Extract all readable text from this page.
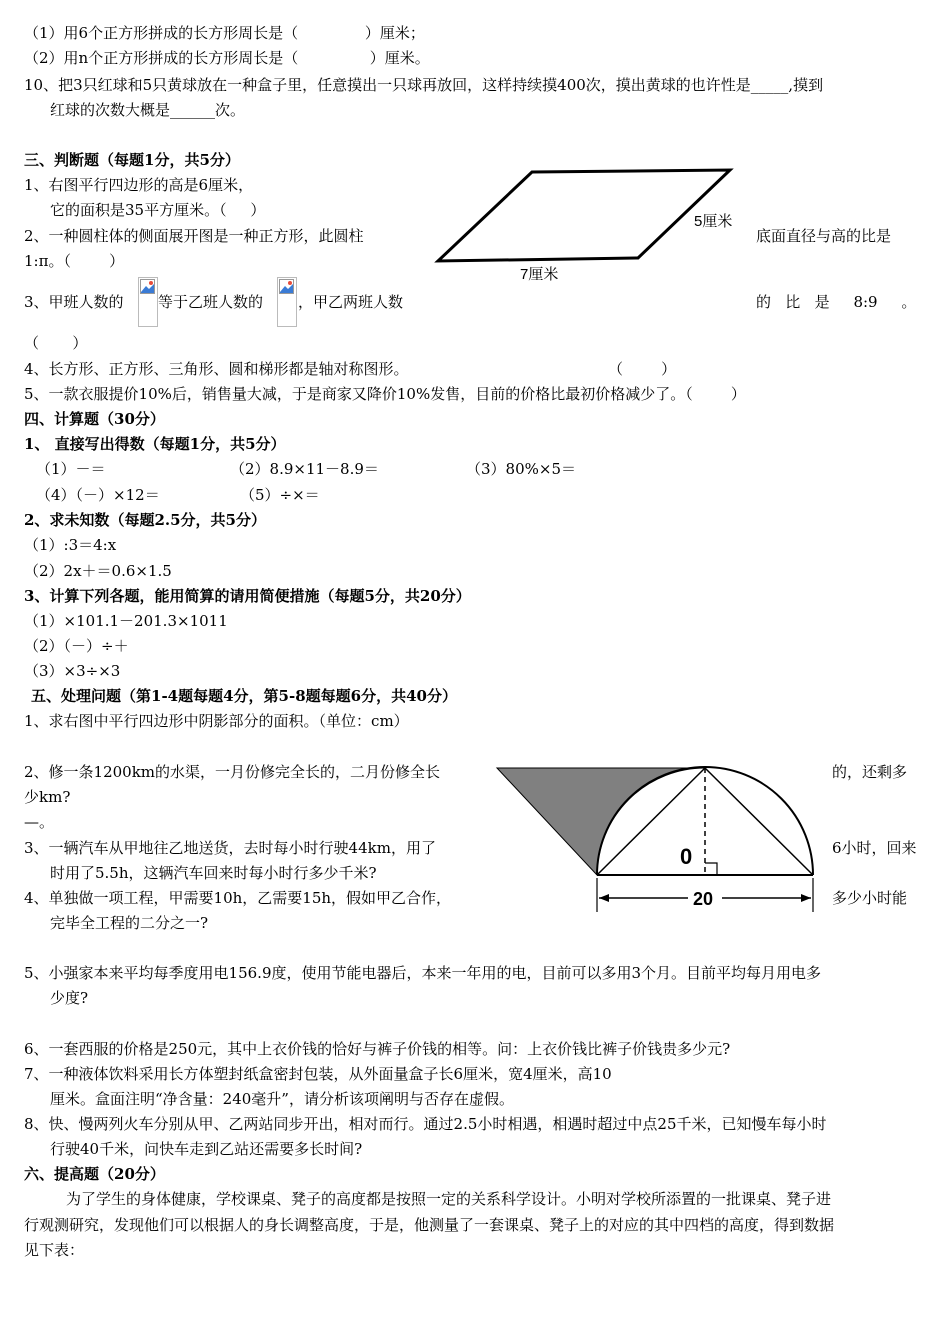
（1）用6个正方形拼成的长方形周长是（              ）厘米；
（2）用n个正方形拼成的长方形周长是（               ）厘米。
10、把3只红球和5只黄球放在一种盒子里，任意摸出一只球再放回，这样持续摸400次，摸出黄球的也许性是_____,摸到
红球的次数大概是______次。
三、判断题（每题1分，共5分）
1、右图平行四边形的高是6厘米，
它的面积是35平方厘米。（     ）
2、一种圆柱体的侧面展开图是一种正方形，此圆柱	底面直径与高的比是
1:π。（        ）
3、甲班人数的 等于乙班人数的 ，甲乙两班人数	的   比   是     8:9     。
（       ）
4、长方形、正方形、三角形、圆和梯形都是轴对称图形。	（        ）
5、一款衣服提价10%后，销售量大减，于是商家又降价10%发售，目前的价格比最初价格减少了。（        ）
四、计算题（30分）
1、 直接写出得数（每题1分，共5分）
（1）－＝	（2）8.9×11－8.9＝	（3）80%×5＝
（4）（－）×12＝	（5）÷×＝
2、求未知数（每题2.5分，共5分）
（1）:3＝4:x
（2）2x＋＝0.6×1.5
3、计算下列各题，能用简算的请用简便措施（每题5分，共20分）
（1）×101.1－201.3×1011
（2）（－）÷＋
（3）×3÷×3
五、处理问题（第1-4题每题4分，第5-8题每题6分，共40分）
1、求右图中平行四边形中阴影部分的面积。（单位：cm）
2、修一条1200km的水渠，一月份修完全长的，二月份修全长	的，还剩多
少km?
—。
3、一辆汽车从甲地往乙地送货，去时每小时行驶44km，用了	6小时，回来
时用了5.5h，这辆汽车回来时每小时行多少千米?
4、单独做一项工程，甲需要10h，乙需要15h，假如甲乙合作，	多少小时能
完毕全工程的二分之一?
5、小强家本来平均每季度用电156.9度，使用节能电器后，本来一年用的电，目前可以多用3个月。目前平均每月用电多
少度?
6、一套西服的价格是250元，其中上衣价钱的恰好与裤子价钱的相等。问：上衣价钱比裤子价钱贵多少元?
7、一种液体饮料采用长方体塑封纸盒密封包装，从外面量盒子长6厘米，宽4厘米，高10
厘米。盒面注明“净含量：240毫升”，请分析该项阐明与否存在虚假。
8、快、慢两列火车分别从甲、乙两站同步开出，相对而行。通过2.5小时相遇，相遇时超过中点25千米，已知慢车每小时
行驶40千米，问快车走到乙站还需要多长时间?
六、提高题（20分）
为了学生的身体健康，学校课桌、凳子的高度都是按照一定的关系科学设计。小明对学校所添置的一批课桌、凳子进
行观测研究，发现他们可以根据人的身长调整高度，于是，他测量了一套课桌、凳子上的对应的其中四档的高度，得到数据
见下表：
5厘米
7厘米
0
20
